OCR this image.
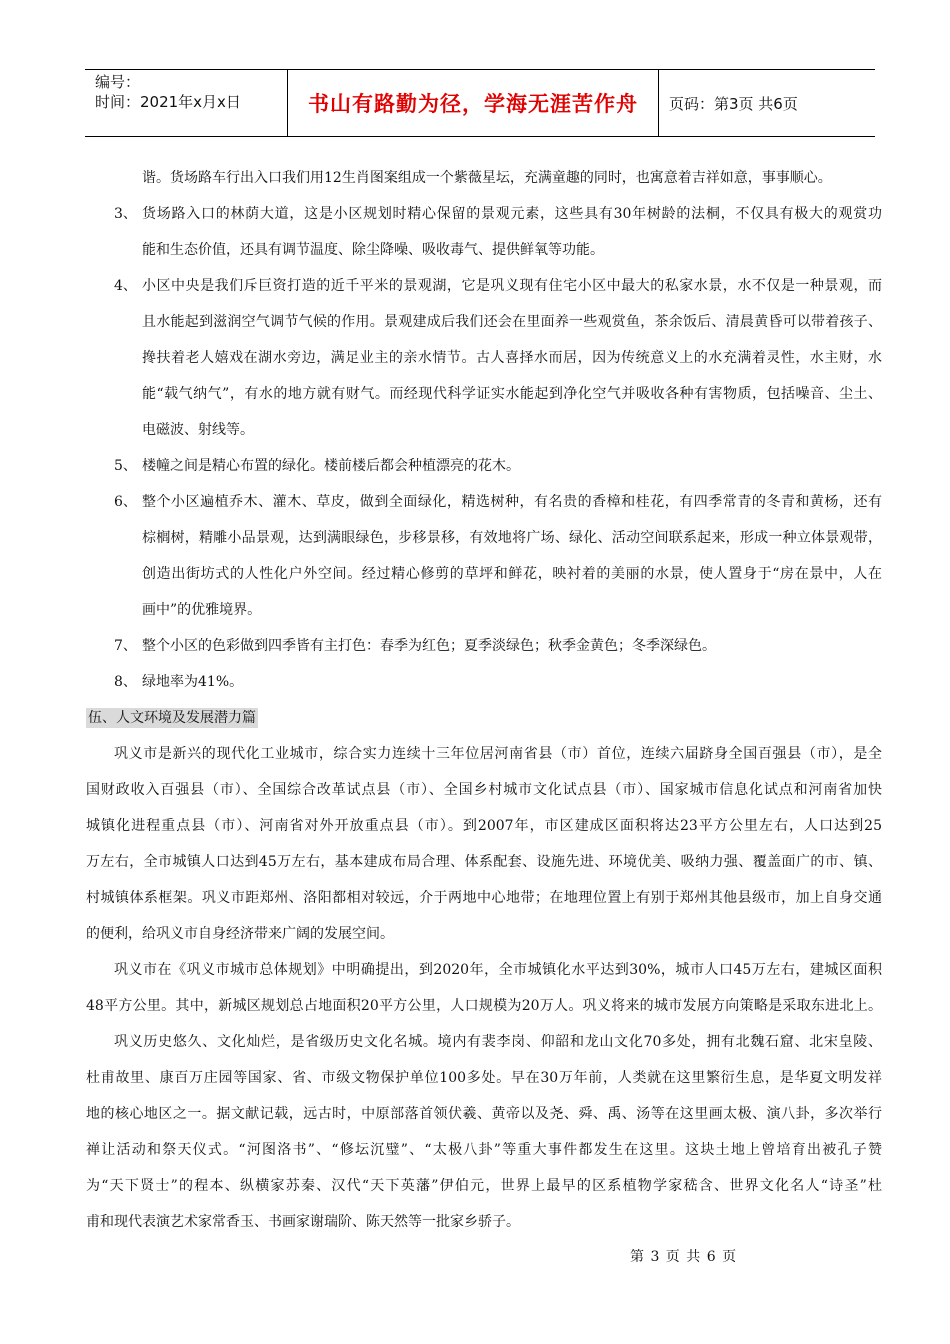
编号：
时间：2021年x月x日	书山有路勤为径，学海无涯苦作舟 页码：第3页 共6页
谐。货场路车行出入口我们用12生肖图案组成一个紫薇星坛，充满童趣的同时，也寓意着吉祥如意，事事顺心。
3、 货场路入口的林荫大道，这是小区规划时精心保留的景观元素，这些具有30年树龄的法桐，不仅具有极大的观赏功
能和生态价值，还具有调节温度、除尘降噪、吸收毒气、提供鲜氧等功能。
4、 小区中央是我们斥巨资打造的近千平米的景观湖，它是巩义现有住宅小区中最大的私家水景，水不仅是一种景观，而
且水能起到滋润空气调节气候的作用。景观建成后我们还会在里面养一些观赏鱼，茶余饭后、清晨黄昏可以带着孩子、
搀扶着老人嬉戏在湖水旁边，满足业主的亲水情节。古人喜择水而居，因为传统意义上的水充满着灵性，水主财，水
能“载气纳气”，有水的地方就有财气。而经现代科学证实水能起到净化空气并吸收各种有害物质，包括噪音、尘土、
电磁波、射线等。
5、 楼幢之间是精心布置的绿化。楼前楼后都会种植漂亮的花木。
6、 整个小区遍植乔木、灌木、草皮，做到全面绿化，精选树种，有名贵的香樟和桂花，有四季常青的冬青和黄杨，还有
棕榈树，精雕小品景观，达到满眼绿色，步移景移，有效地将广场、绿化、活动空间联系起来，形成一种立体景观带，
创造出街坊式的人性化户外空间。经过精心修剪的草坪和鲜花，映衬着的美丽的水景，使人置身于“房在景中，人在
画中”的优雅境界。
7、 整个小区的色彩做到四季皆有主打色：春季为红色；夏季淡绿色；秋季金黄色；冬季深绿色。
8、 绿地率为41%。
伍、人文环境及发展潜力篇
巩义市是新兴的现代化工业城市，综合实力连续十三年位居河南省县（市）首位，连续六届跻身全国百强县（市），是全
国财政收入百强县（市）、全国综合改革试点县（市）、全国乡村城市文化试点县（市）、国家城市信息化试点和河南省加快
城镇化进程重点县（市）、河南省对外开放重点县（市）。到2007年，市区建成区面积将达23平方公里左右，人口达到25
万左右，全市城镇人口达到45万左右，基本建成布局合理、体系配套、设施先进、环境优美、吸纳力强、覆盖面广的市、镇、
村城镇体系框架。巩义市距郑州、洛阳都相对较远，介于两地中心地带；在地理位置上有别于郑州其他县级市，加上自身交通
的便利，给巩义市自身经济带来广阔的发展空间。
巩义市在《巩义市城市总体规划》中明确提出，到2020年，全市城镇化水平达到30%，城市人口45万左右，建城区面积
48平方公里。其中，新城区规划总占地面积20平方公里，人口规模为20万人。巩义将来的城市发展方向策略是采取东进北上。
巩义历史悠久、文化灿烂，是省级历史文化名城。境内有裴李岗、仰韶和龙山文化70多处，拥有北魏石窟、北宋皇陵、
杜甫故里、康百万庄园等国家、省、市级文物保护单位100多处。早在30万年前，人类就在这里繁衍生息，是华夏文明发祥
地的核心地区之一。据文献记载，远古时，中原部落首领伏羲、黄帝以及尧、舜、禹、汤等在这里画太极、演八卦，多次举行
禅让活动和祭天仪式。“河图洛书”、“修坛沉璧”、“太极八卦”等重大事件都发生在这里。这块土地上曾培育出被孔子赞
为“天下贤士”的程本、纵横家苏秦、汉代“天下英藩”伊伯元，世界上最早的区系植物学家嵇含、世界文化名人“诗圣”杜
甫和现代表演艺术家常香玉、书画家谢瑞阶、陈天然等一批家乡骄子。
第 3 页 共 6 页
